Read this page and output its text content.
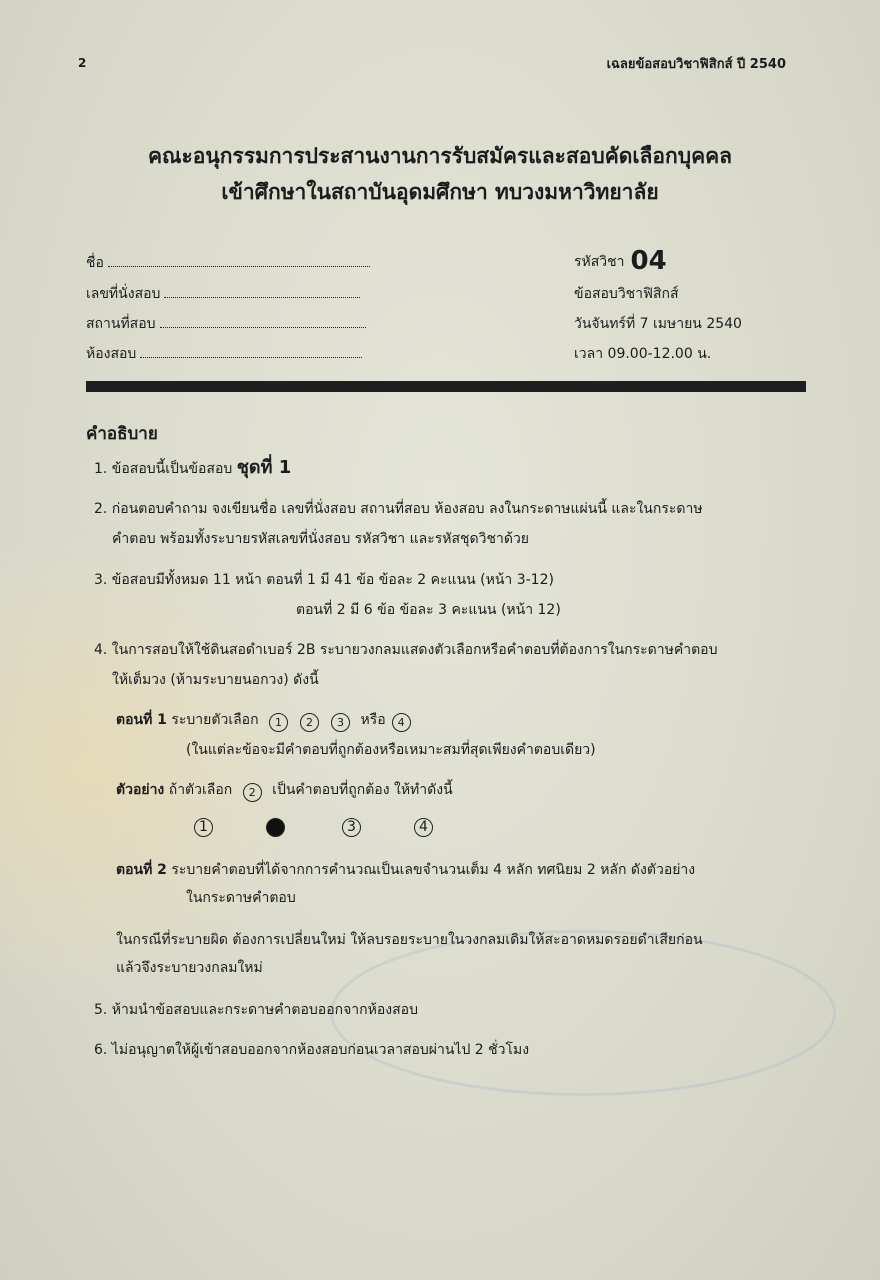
2	เฉลยข้อสอบวิชาฟิสิกส์ ปี 2540
คณะอนุกรรมการประสานงานการรับสมัครและสอบคัดเลือกบุคคล
เข้าศึกษาในสถาบันอุดมศึกษา ทบวงมหาวิทยาลัย
ชื่อ
เลขที่นั่งสอบ
สถานที่สอบ
ห้องสอบ
รหัสวิชา 04
ข้อสอบวิชาฟิสิกส์
วันจันทร์ที่ 7 เมษายน 2540
เวลา 09.00-12.00 น.
คำอธิบาย
1. ข้อสอบนี้เป็นข้อสอบ ชุดที่ 1
2. ก่อนตอบคำถาม จงเขียนชื่อ เลขที่นั่งสอบ สถานที่สอบ ห้องสอบ ลงในกระดาษแผ่นนี้ และในกระดาษ
คำตอบ พร้อมทั้งระบายรหัสเลขที่นั่งสอบ รหัสวิชา และรหัสชุดวิชาด้วย
3. ข้อสอบมีทั้งหมด 11 หน้า ตอนที่ 1 มี 41 ข้อ ข้อละ 2 คะแนน (หน้า 3-12)
ตอนที่ 2 มี 6 ข้อ ข้อละ 3 คะแนน (หน้า 12)
4. ในการสอบให้ใช้ดินสอดำเบอร์ 2B ระบายวงกลมแสดงตัวเลือกหรือคำตอบที่ต้องการในกระดาษคำตอบ
ให้เต็มวง (ห้ามระบายนอกวง) ดังนี้
ตอนที่ 1 ระบายตัวเลือก 1 2 3 หรือ 4
(ในแต่ละข้อจะมีคำตอบที่ถูกต้องหรือเหมาะสมที่สุดเพียงคำตอบเดียว)
ตัวอย่าง ถ้าตัวเลือก 2 เป็นคำตอบที่ถูกต้อง ให้ทำดังนี้
1	3	4
ตอนที่ 2 ระบายคำตอบที่ได้จากการคำนวณเป็นเลขจำนวนเต็ม 4 หลัก ทศนิยม 2 หลัก ดังตัวอย่าง
ในกระดาษคำตอบ
ในกรณีที่ระบายผิด ต้องการเปลี่ยนใหม่ ให้ลบรอยระบายในวงกลมเดิมให้สะอาดหมดรอยดำเสียก่อน
แล้วจึงระบายวงกลมใหม่
5. ห้ามนำข้อสอบและกระดาษคำตอบออกจากห้องสอบ
6. ไม่อนุญาตให้ผู้เข้าสอบออกจากห้องสอบก่อนเวลาสอบผ่านไป 2 ชั่วโมง
